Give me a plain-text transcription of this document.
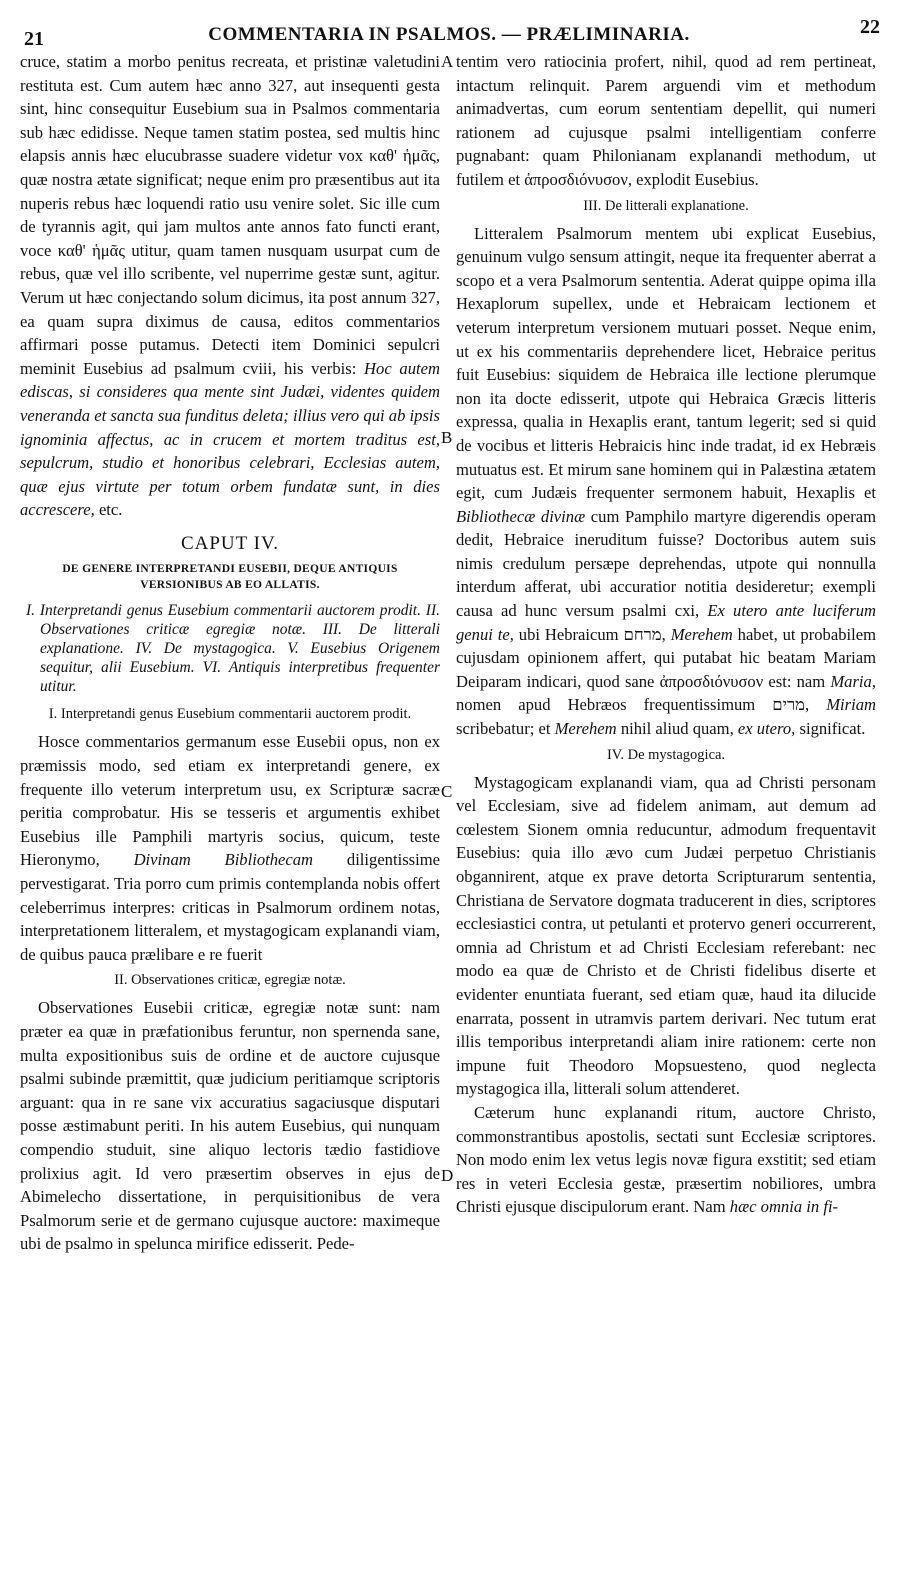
21	COMMENTARIA IN PSALMOS. — PRÆLIMINARIA.	22
A
B
C
D

cruce, statim a morbo penitus recreata, et pristinæ valetudini restituta est. Cum autem hæc anno 327, aut insequenti gesta sint, hinc consequitur Eusebium sua in Psalmos commentaria sub hæc edidisse. Neque tamen statim postea, sed multis hinc elapsis annis hæc elucubrasse suadere videtur vox καθ' ἡμᾶς, quæ nostra ætate significat; neque enim pro præsentibus aut ita nuperis rebus hæc loquendi ratio usu venire solet. Sic ille cum de tyrannis agit, qui jam multos ante annos fato functi erant, voce καθ' ἡμᾶς utitur, quam tamen nusquam usurpat cum de rebus, quæ vel illo scribente, vel nuperrime gestæ sunt, agitur. Verum ut hæc conjectando solum dicimus, ita post annum 327, ea quam supra diximus de causa, editos commentarios affirmari posse putamus. Detecti item Dominici sepulcri meminit Eusebius ad psalmum cviii, his verbis: Hoc autem ediscas, si consideres qua mente sint Judæi, videntes quidem veneranda et sancta sua funditus deleta; illius vero qui ab ipsis ignominia affectus, ac in crucem et mortem traditus est, sepulcrum, studio et honoribus celebrari, Ecclesias autem, quæ ejus virtute per totum orbem fundatæ sunt, in dies accrescere, etc.

CAPUT IV.
DE GENERE INTERPRETANDI EUSEBII, DEQUE ANTIQUIS VERSIONIBUS AB EO ALLATIS.
I. Interpretandi genus Eusebium commentarii auctorem prodit. II. Observationes criticæ egregiæ notæ. III. De litterali explanatione. IV. De mystagogica. V. Eusebius Origenem sequitur, alii Eusebium. VI. Antiquis interpretibus frequenter utitur.
I. Interpretandi genus Eusebium commentarii auctorem prodit.

Hosce commentarios germanum esse Eusebii opus, non ex præmissis modo, sed etiam ex interpretandi genere, ex frequente illo veterum interpretum usu, ex Scripturæ sacræ peritia comprobatur. His se tesseris et argumentis exhibet Eusebius ille Pamphili martyris socius, quicum, teste Hieronymo, Divinam Bibliothecam diligentissime pervestigarat. Tria porro cum primis contemplanda nobis offert celeberrimus interpres: criticas in Psalmorum ordinem notas, interpretationem litteralem, et mystagogicam explanandi viam, de quibus pauca prælibare e re fuerit

II. Observationes criticæ, egregiæ notæ.

Observationes Eusebii criticæ, egregiæ notæ sunt: nam præter ea quæ in præfationibus feruntur, non spernenda sane, multa expositionibus suis de ordine et de auctore cujusque psalmi subinde præmittit, quæ judicium peritiamque scriptoris arguant: qua in re sane vix accuratius sagaciusque disputari posse æstimabunt periti. In his autem Eusebius, qui nunquam compendio studuit, sine aliquo lectoris tædio fastidiove prolixius agit. Id vero præsertim observes in ejus de Abimelecho dissertatione, in perquisitionibus de vera Psalmorum serie et de germano cujusque auctore: maximeque ubi de psalmo in spelunca mirifice edisserit. Pede-

tentim vero ratiocinia profert, nihil, quod ad rem pertineat, intactum relinquit. Parem arguendi vim et methodum animadvertas, cum eorum sententiam depellit, qui numeri rationem ad cujusque psalmi intelligentiam conferre pugnabant: quam Philonianam explanandi methodum, ut futilem et ἀπροσδιόνυσον, explodit Eusebius.

III. De litterali explanatione.

Litteralem Psalmorum mentem ubi explicat Eusebius, genuinum vulgo sensum attingit, neque ita frequenter aberrat a scopo et a vera Psalmorum sententia. Aderat quippe opima illa Hexaplorum supellex, unde et Hebraicam lectionem et veterum interpretum versionem mutuari posset. Neque enim, ut ex his commentariis deprehendere licet, Hebraice peritus fuit Eusebius: siquidem de Hebraica ille lectione plerumque non ita docte edisserit, utpote qui Hebraica Græcis litteris expressa, qualia in Hexaplis erant, tantum legerit; sed si quid de vocibus et litteris Hebraicis hinc inde tradat, id ex Hebræis mutuatus est. Et mirum sane hominem qui in Palæstina ætatem egit, cum Judæis frequenter sermonem habuit, Hexaplis et Bibliothecæ divinæ cum Pamphilo martyre digerendis operam dedit, Hebraice ineruditum fuisse? Doctoribus autem suis nimis credulum persæpe deprehendas, utpote qui nonnulla interdum afferat, ubi accuratior notitia desideretur; exempli causa ad hunc versum psalmi cxi, Ex utero ante luciferum genui te, ubi Hebraicum מרחם, Merehem habet, ut probabilem cujusdam opinionem affert, qui putabat hic beatam Mariam Deiparam indicari, quod sane ἀπροσδιόνυσον est: nam Maria, nomen apud Hebræos frequentissimum מרים, Miriam scribebatur; et Merehem nihil aliud quam, ex utero, significat.

IV. De mystagogica.

Mystagogicam explanandi viam, qua ad Christi personam vel Ecclesiam, sive ad fidelem animam, aut demum ad cœlestem Sionem omnia reducuntur, admodum frequentavit Eusebius: quia illo ævo cum Judæi perpetuo Christianis obgannirent, atque ex prave detorta Scripturarum sententia, Christiana de Servatore dogmata traducerent in dies, scriptores ecclesiastici contra, ut petulanti et protervo generi occurrerent, omnia ad Christum et ad Christi Ecclesiam referebant: nec modo ea quæ de Christo et de Christi fidelibus diserte et evidenter enuntiata fuerant, sed etiam quæ, haud ita dilucide enarrata, possent in utramvis partem derivari. Nec tutum erat illis temporibus interpretandi aliam inire rationem: certe non impune fuit Theodoro Mopsuesteno, quod neglecta mystagogica illa, litterali solum attenderet.

Cæterum hunc explanandi ritum, auctore Christo, commonstrantibus apostolis, sectati sunt Ecclesiæ scriptores. Non modo enim lex vetus legis novæ figura exstitit; sed etiam res in veteri Ecclesia gestæ, præsertim nobiliores, umbra Christi ejusque discipulorum erant. Nam hæc omnia in fi-
